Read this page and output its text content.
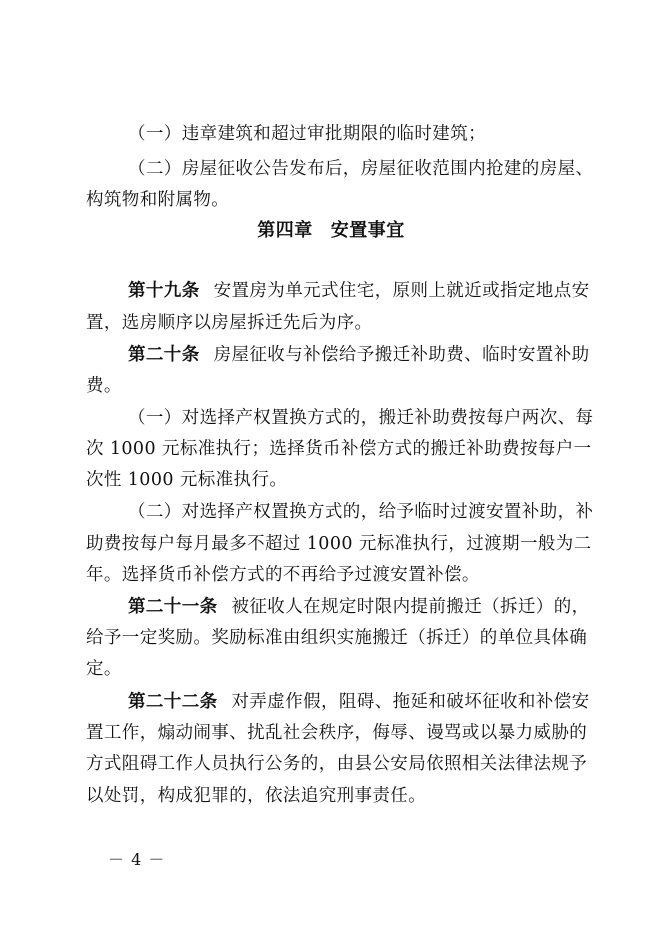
（一）违章建筑和超过审批期限的临时建筑；
（二）房屋征收公告发布后，房屋征收范围内抢建的房屋、
构筑物和附属物。
第四章 安置事宜
第十九条 安置房为单元式住宅，原则上就近或指定地点安
置，选房顺序以房屋拆迁先后为序。
第二十条 房屋征收与补偿给予搬迁补助费、临时安置补助
费。
（一）对选择产权置换方式的，搬迁补助费按每户两次、每
次 1000 元标准执行；选择货币补偿方式的搬迁补助费按每户一
次性 1000 元标准执行。
（二）对选择产权置换方式的，给予临时过渡安置补助，补
助费按每户每月最多不超过 1000 元标准执行，过渡期一般为二
年。选择货币补偿方式的不再给予过渡安置补偿。
第二十一条 被征收人在规定时限内提前搬迁（拆迁）的，
给予一定奖励。奖励标准由组织实施搬迁（拆迁）的单位具体确
定。
第二十二条 对弄虚作假，阻碍、拖延和破坏征收和补偿安
置工作，煽动闹事、扰乱社会秩序，侮辱、谩骂或以暴力威胁的
方式阻碍工作人员执行公务的，由县公安局依照相关法律法规予
以处罚，构成犯罪的，依法追究刑事责任。
－ 4 －
